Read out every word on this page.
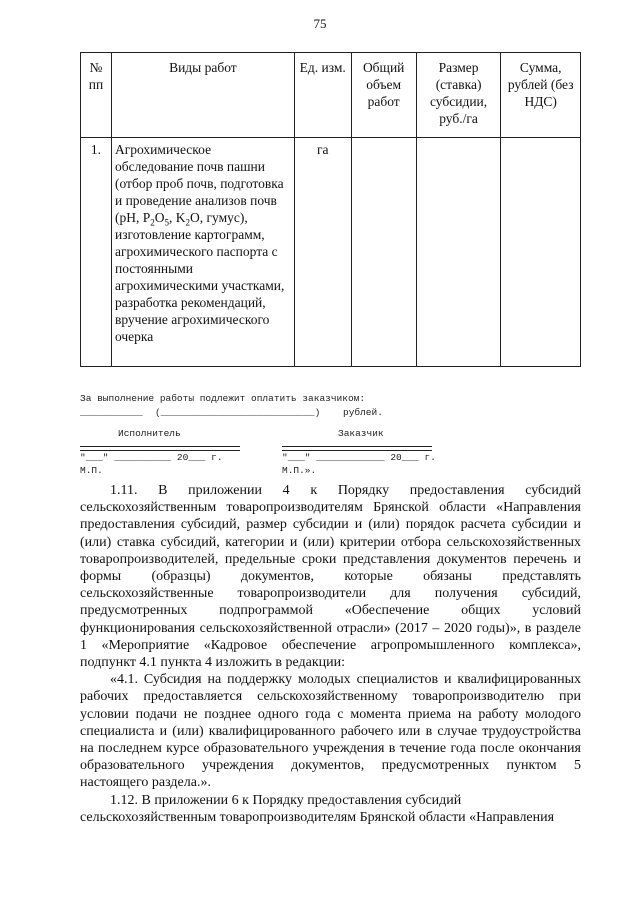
75
№ пп	Виды работ	Ед. изм.	Общий объем работ	Размер (ставка) субсидии, руб./га	Сумма, рублей (без НДС)
1.	Агрохимическое обследование почв пашни (отбор проб почв, подготовка и проведение анализов почв (pH, $P_2O_5$, $K_2O$, гумус), изготовление картограмм, агрохимического паспорта с постоянными агрохимическими участками, разработка рекомендаций, вручение агрохимического очерка	га			
За выполнение работы подлежит оплатить заказчиком:
___________ (___________________________) рублей.
Исполнитель	Заказчик
"___" __________ 20___ г.	"___" ____________ 20___ г.
М.П.	М.П.».

1.11. В приложении 4 к Порядку предоставления субсидий сельскохозяйственным товаропроизводителям Брянской области «Направления предоставления субсидий, размер субсидии и (или) порядок расчета субсидии и (или) ставка субсидий, категории и (или) критерии отбора сельскохозяйственных товаропроизводителей, предельные сроки представления документов перечень и формы (образцы) документов, которые обязаны представлять сельскохозяйственные товаропроизводители для получения субсидий, предусмотренных подпрограммой «Обеспечение общих условий функционирования сельскохозяйственной отрасли» (2017 – 2020 годы)», в разделе 1 «Мероприятие «Кадровое обеспечение агропромышленного комплекса», подпункт 4.1 пункта 4 изложить в редакции:

«4.1. Субсидия на поддержку молодых специалистов и квалифицированных рабочих предоставляется сельскохозяйственному товаропроизводителю при условии подачи не позднее одного года с момента приема на работу молодого специалиста и (или) квалифицированного рабочего или в случае трудоустройства на последнем курсе образовательного учреждения в течение года после окончания образовательного учреждения документов, предусмотренных пунктом 5 настоящего раздела.».

1.12. В приложении 6 к Порядку предоставления субсидий сельскохозяйственным товаропроизводителям Брянской области «Направления
